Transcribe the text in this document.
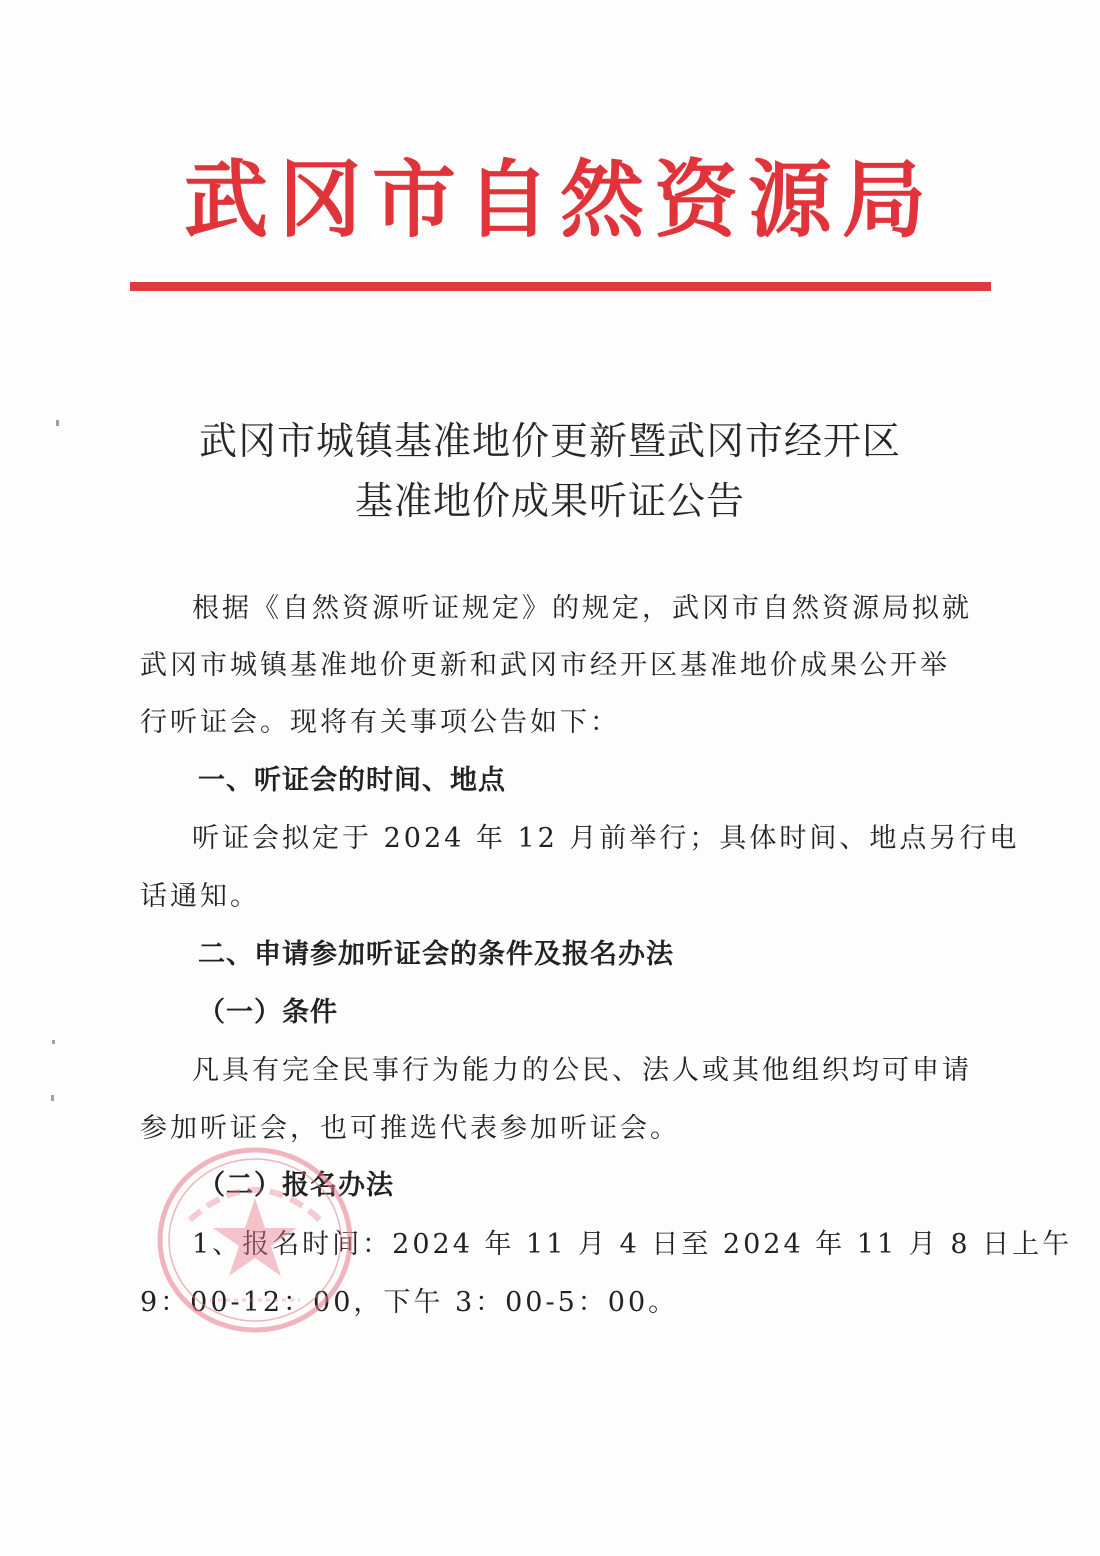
武冈市自然资源局
武冈市城镇基准地价更新暨武冈市经开区
基准地价成果听证公告
根据《自然资源听证规定》的规定，武冈市自然资源局拟就
武冈市城镇基准地价更新和武冈市经开区基准地价成果公开举
行听证会。现将有关事项公告如下：
一、听证会的时间、地点
听证会拟定于 2024 年 12 月前举行；具体时间、地点另行电
话通知。
二、申请参加听证会的条件及报名办法
（一）条件
凡具有完全民事行为能力的公民、法人或其他组织均可申请
参加听证会，也可推选代表参加听证会。
（二）报名办法
1、报名时间：2024 年 11 月 4 日至 2024 年 11 月 8 日上午
9：00-12：00，下午 3：00-5：00。
